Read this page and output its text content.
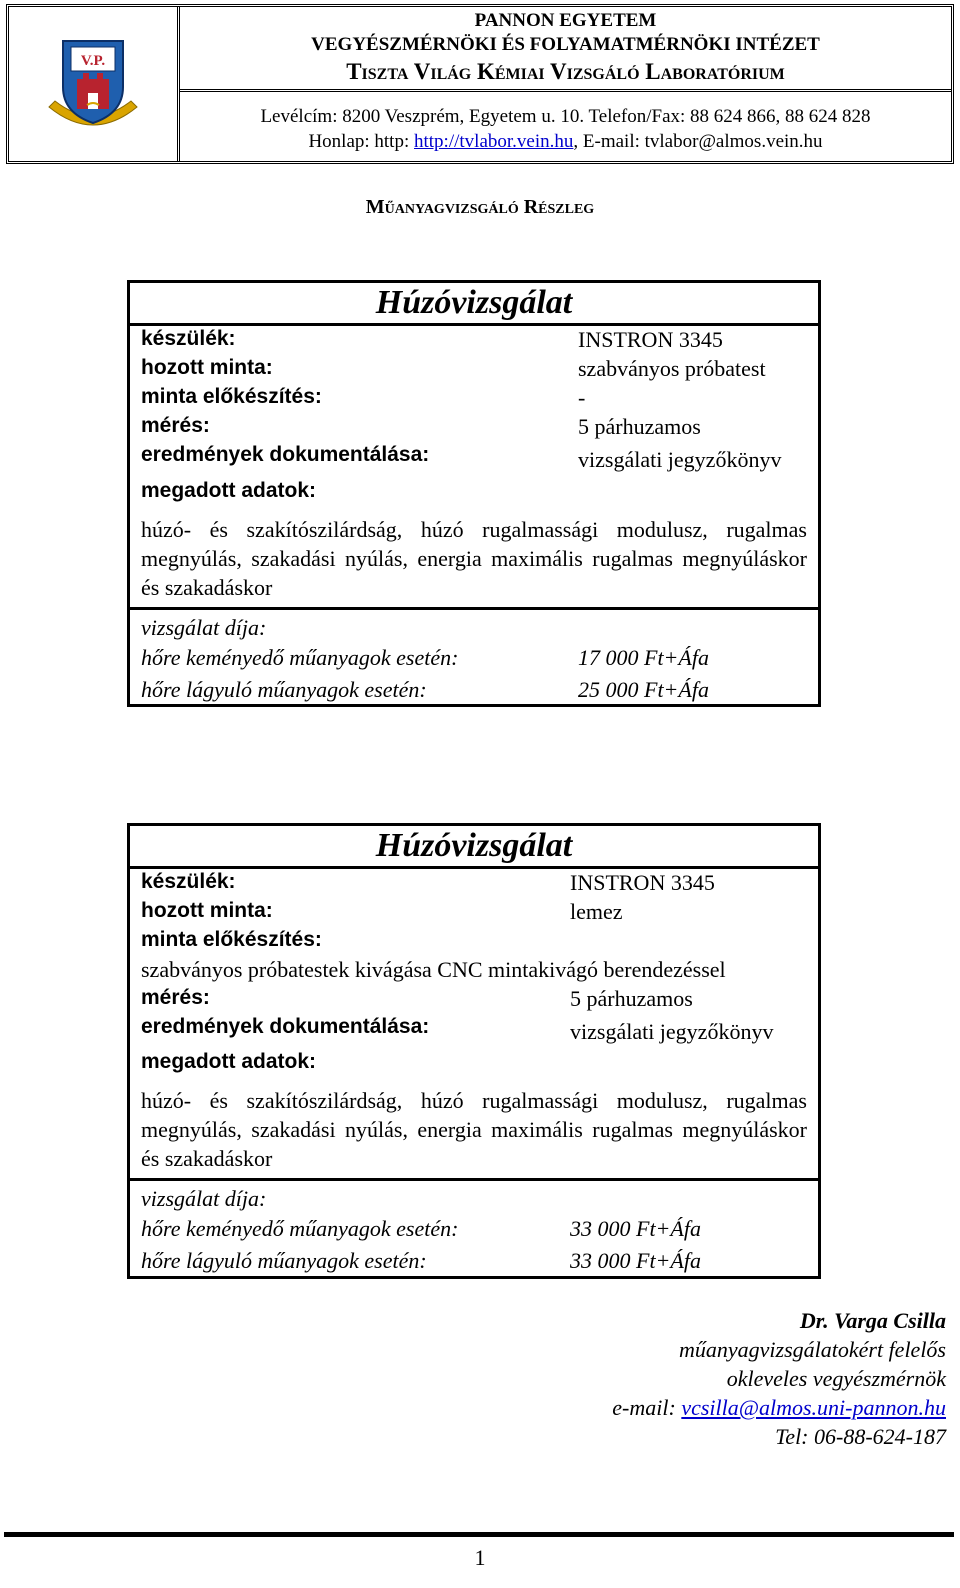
V.P.
PANNON EGYETEM
VEGYÉSZMÉRNÖKI ÉS FOLYAMATMÉRNÖKI INTÉZET
Tiszta Világ Kémiai Vizsgáló Laboratórium
Levélcím: 8200 Veszprém, Egyetem u. 10. Telefon/Fax: 88 624 866, 88 624 828
Honlap: http: http://tvlabor.vein.hu, E-mail: tvlabor@almos.vein.hu
Műanyagvizsgáló Részleg
Húzóvizsgálat
készülék:	INSTRON 3345
hozott minta:	szabványos próbatest
minta előkészítés:	-
mérés:	5 párhuzamos
eredmények dokumentálása:	vizsgálati jegyzőkönyv
megadott adatok:
húzó- és szakítószilárdság, húzó rugalmassági modulusz, rugalmas megnyúlás, szakadási nyúlás, energia maximális rugalmas megnyúláskor és szakadáskor
vizsgálat díja:
hőre keményedő műanyagok esetén:	17 000 Ft+Áfa
hőre lágyuló műanyagok esetén:	25 000 Ft+Áfa
Húzóvizsgálat
készülék:	INSTRON 3345
hozott minta:	lemez
minta előkészítés:
szabványos próbatestek kivágása CNC mintakivágó berendezéssel
mérés:	5 párhuzamos
eredmények dokumentálása:	vizsgálati jegyzőkönyv
megadott adatok:
húzó- és szakítószilárdság, húzó rugalmassági modulusz, rugalmas megnyúlás, szakadási nyúlás, energia maximális rugalmas megnyúláskor és szakadáskor
vizsgálat díja:
hőre keményedő műanyagok esetén:	33 000 Ft+Áfa
hőre lágyuló műanyagok esetén:	33 000 Ft+Áfa
Dr. Varga Csilla
műanyagvizsgálatokért felelős
okleveles vegyészmérnök
e-mail: vcsilla@almos.uni-pannon.hu
Tel: 06-88-624-187
1
